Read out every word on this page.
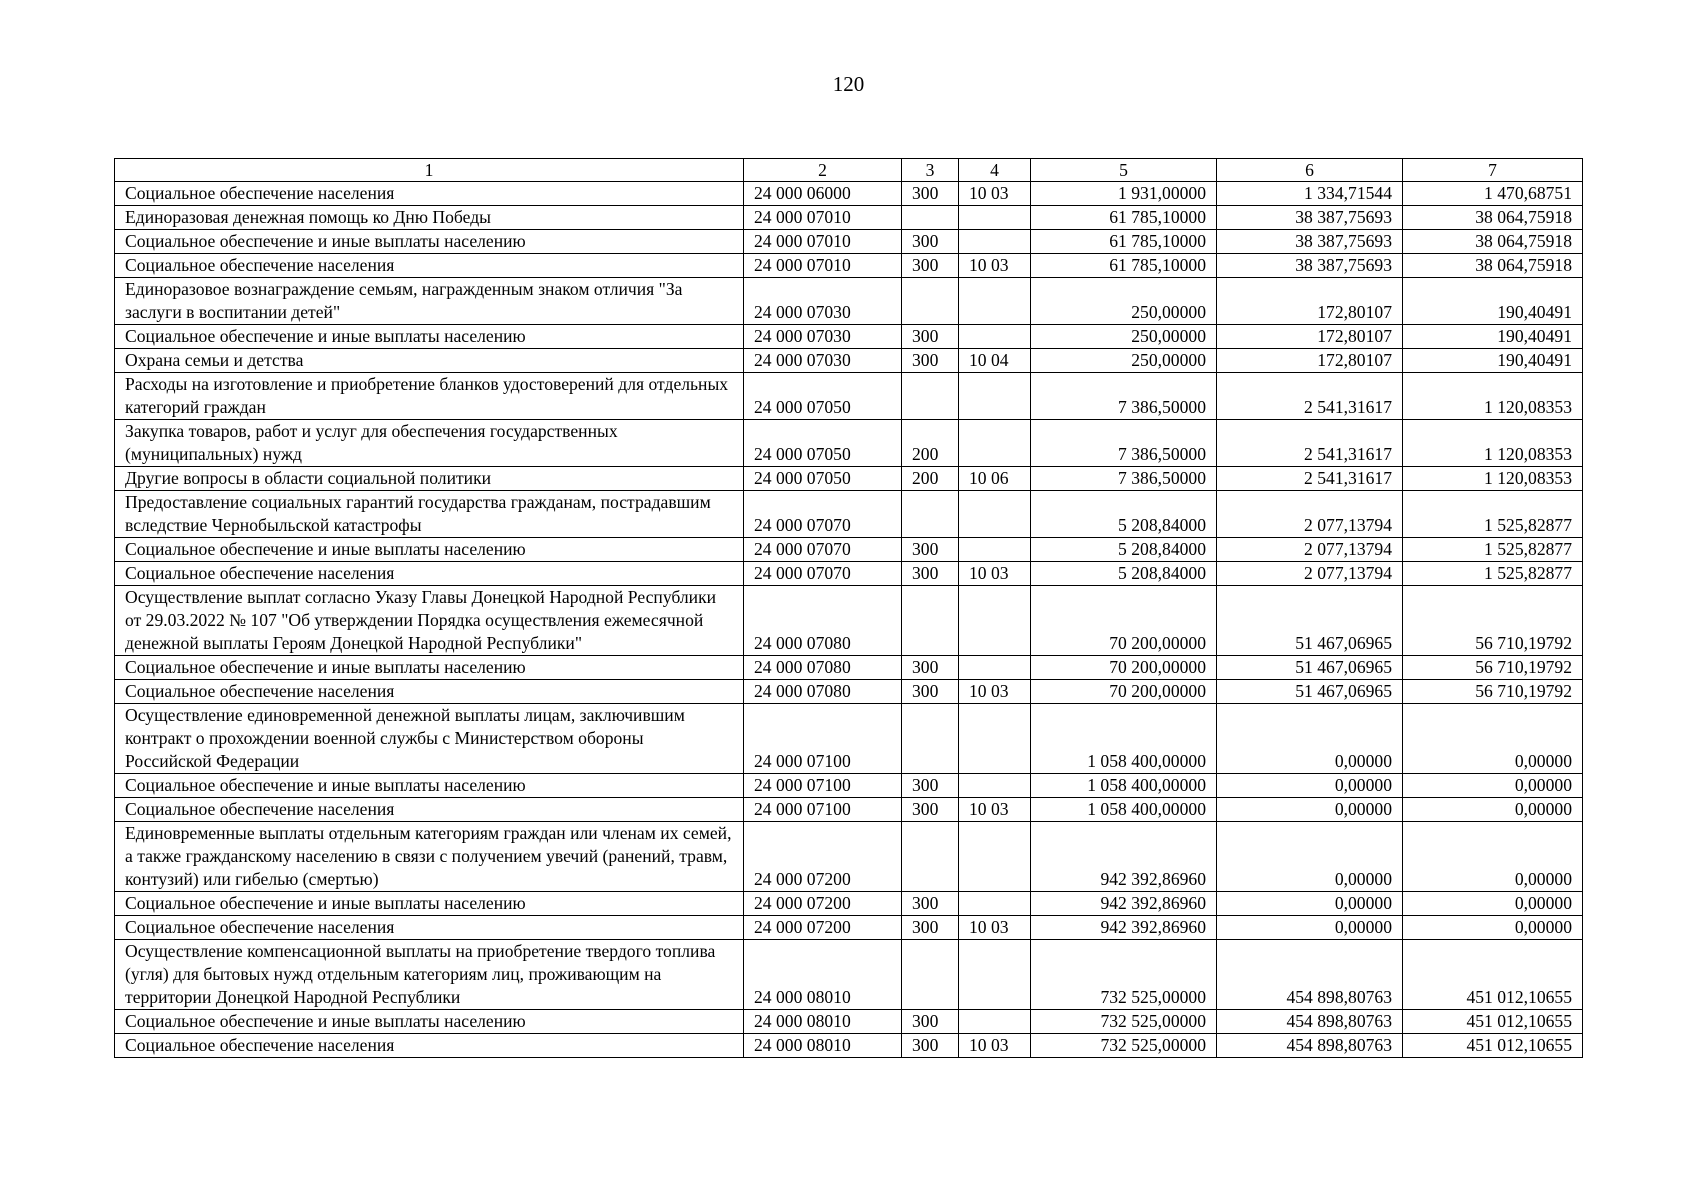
120
1	2	3	4	5	6	7
Социальное обеспечение населения	24 000 06000	300	10 03	1 931,00000	1 334,71544	1 470,68751
Единоразовая денежная помощь ко Дню Победы	24 000 07010			61 785,10000	38 387,75693	38 064,75918
Социальное обеспечение и иные выплаты населению	24 000 07010	300		61 785,10000	38 387,75693	38 064,75918
Социальное обеспечение населения	24 000 07010	300	10 03	61 785,10000	38 387,75693	38 064,75918
Единоразовое вознаграждение семьям, награжденным знаком отличия "За заслуги в воспитании детей"	24 000 07030			250,00000	172,80107	190,40491
Социальное обеспечение и иные выплаты населению	24 000 07030	300		250,00000	172,80107	190,40491
Охрана семьи и детства	24 000 07030	300	10 04	250,00000	172,80107	190,40491
Расходы на изготовление и приобретение бланков удостоверений для отдельных категорий граждан	24 000 07050			7 386,50000	2 541,31617	1 120,08353
Закупка товаров, работ и услуг для обеспечения государственных (муниципальных) нужд	24 000 07050	200		7 386,50000	2 541,31617	1 120,08353
Другие вопросы в области социальной политики	24 000 07050	200	10 06	7 386,50000	2 541,31617	1 120,08353
Предоставление социальных гарантий государства гражданам, пострадавшим вследствие Чернобыльской катастрофы	24 000 07070			5 208,84000	2 077,13794	1 525,82877
Социальное обеспечение и иные выплаты населению	24 000 07070	300		5 208,84000	2 077,13794	1 525,82877
Социальное обеспечение населения	24 000 07070	300	10 03	5 208,84000	2 077,13794	1 525,82877
Осуществление выплат согласно Указу Главы Донецкой Народной Республики от 29.03.2022 № 107 "Об утверждении Порядка осуществления ежемесячной денежной выплаты Героям Донецкой Народной Республики"	24 000 07080			70 200,00000	51 467,06965	56 710,19792
Социальное обеспечение и иные выплаты населению	24 000 07080	300		70 200,00000	51 467,06965	56 710,19792
Социальное обеспечение населения	24 000 07080	300	10 03	70 200,00000	51 467,06965	56 710,19792
Осуществление единовременной денежной выплаты лицам, заключившим контракт о прохождении военной службы с Министерством обороны Российской Федерации	24 000 07100			1 058 400,00000	0,00000	0,00000
Социальное обеспечение и иные выплаты населению	24 000 07100	300		1 058 400,00000	0,00000	0,00000
Социальное обеспечение населения	24 000 07100	300	10 03	1 058 400,00000	0,00000	0,00000
Единовременные выплаты отдельным категориям граждан или членам их семей, а также гражданскому населению в связи с получением увечий (ранений, травм, контузий) или гибелью (смертью)	24 000 07200			942 392,86960	0,00000	0,00000
Социальное обеспечение и иные выплаты населению	24 000 07200	300		942 392,86960	0,00000	0,00000
Социальное обеспечение населения	24 000 07200	300	10 03	942 392,86960	0,00000	0,00000
Осуществление компенсационной выплаты на приобретение твердого топлива (угля) для бытовых нужд отдельным категориям лиц, проживающим на территории Донецкой Народной Республики	24 000 08010			732 525,00000	454 898,80763	451 012,10655
Социальное обеспечение и иные выплаты населению	24 000 08010	300		732 525,00000	454 898,80763	451 012,10655
Социальное обеспечение населения	24 000 08010	300	10 03	732 525,00000	454 898,80763	451 012,10655
